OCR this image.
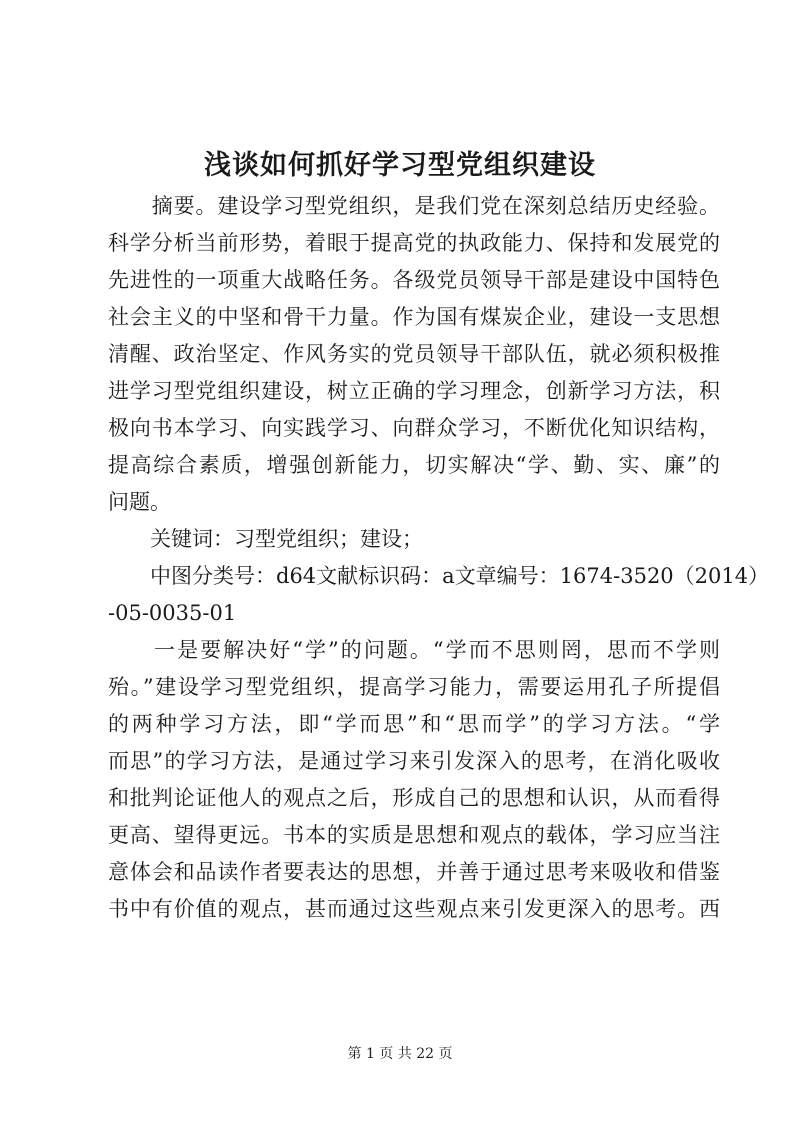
浅谈如何抓好学习型党组织建设
　　摘要。建设学习型党组织，是我们党在深刻总结历史经验。
科学分析当前形势，着眼于提高党的执政能力、保持和发展党的
先进性的一项重大战略任务。各级党员领导干部是建设中国特色
社会主义的中坚和骨干力量。作为国有煤炭企业，建设一支思想
清醒、政治坚定、作风务实的党员领导干部队伍，就必须积极推
进学习型党组织建设，树立正确的学习理念，创新学习方法，积
极向书本学习、向实践学习、向群众学习，不断优化知识结构，
提高综合素质，增强创新能力，切实解决“学、勤、实、廉”的
问题。
　　关键词：习型党组织；建设；
　　中图分类号：d64文献标识码：a文章编号：1674-3520（2014）
-05-0035-01
　　一是要解决好“学”的问题。“学而不思则罔，思而不学则
殆。”建设学习型党组织，提高学习能力，需要运用孔子所提倡
的两种学习方法，即“学而思”和“思而学”的学习方法。“学
而思”的学习方法，是通过学习来引发深入的思考，在消化吸收
和批判论证他人的观点之后，形成自己的思想和认识，从而看得
更高、望得更远。书本的实质是思想和观点的载体，学习应当注
意体会和品读作者要表达的思想，并善于通过思考来吸收和借鉴
书中有价值的观点，甚而通过这些观点来引发更深入的思考。西
第 1 页 共 22 页
